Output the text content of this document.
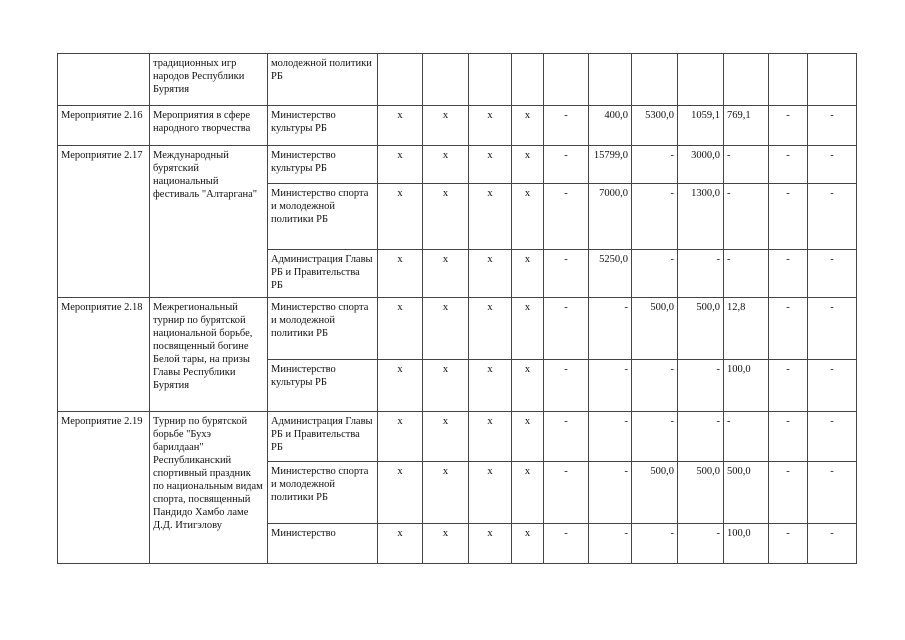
	традиционных игр народов Республики Бурятия	молодежной политики РБ											
Мероприятие 2.16	Мероприятия в сфере народного творчества	Министерство культуры РБ	x	x	x	x	-	400,0	5300,0	1059,1	769,1	-	-
Мероприятие 2.17	Международный бурятский национальный фестиваль "Алтаргана"	Министерство культуры РБ	x	x	x	x	-	15799,0	-	3000,0	-	-	-
		Министерство спорта и молодежной политики РБ	x	x	x	x	-	7000,0	-	1300,0	-	-	-
		Администрация Главы РБ и Правительства РБ	x	x	x	x	-	5250,0	-	-	-	-	-
Мероприятие 2.18	Межрегиональный турнир по бурятской национальной борьбе, посвященный богине Белой тары, на призы Главы Республики Бурятия	Министерство спорта и молодежной политики РБ	x	x	x	x	-	-	500,0	500,0	12,8	-	-
		Министерство культуры РБ	x	x	x	x	-	-	-	-	100,0	-	-
Мероприятие 2.19	Турнир по бурятской борьбе "Бухэ барилдаан" Республиканский спортивный праздник по национальным видам спорта, посвященный Пандидо Хамбо ламе Д.Д. Итигэлову	Администрация Главы РБ и Правительства РБ	x	x	x	x	-	-	-	-	-	-	-
		Министерство спорта и молодежной политики РБ	x	x	x	x	-	-	500,0	500,0	500,0	-	-
		Министерство	x	x	x	x	-	-	-	-	100,0	-	-
